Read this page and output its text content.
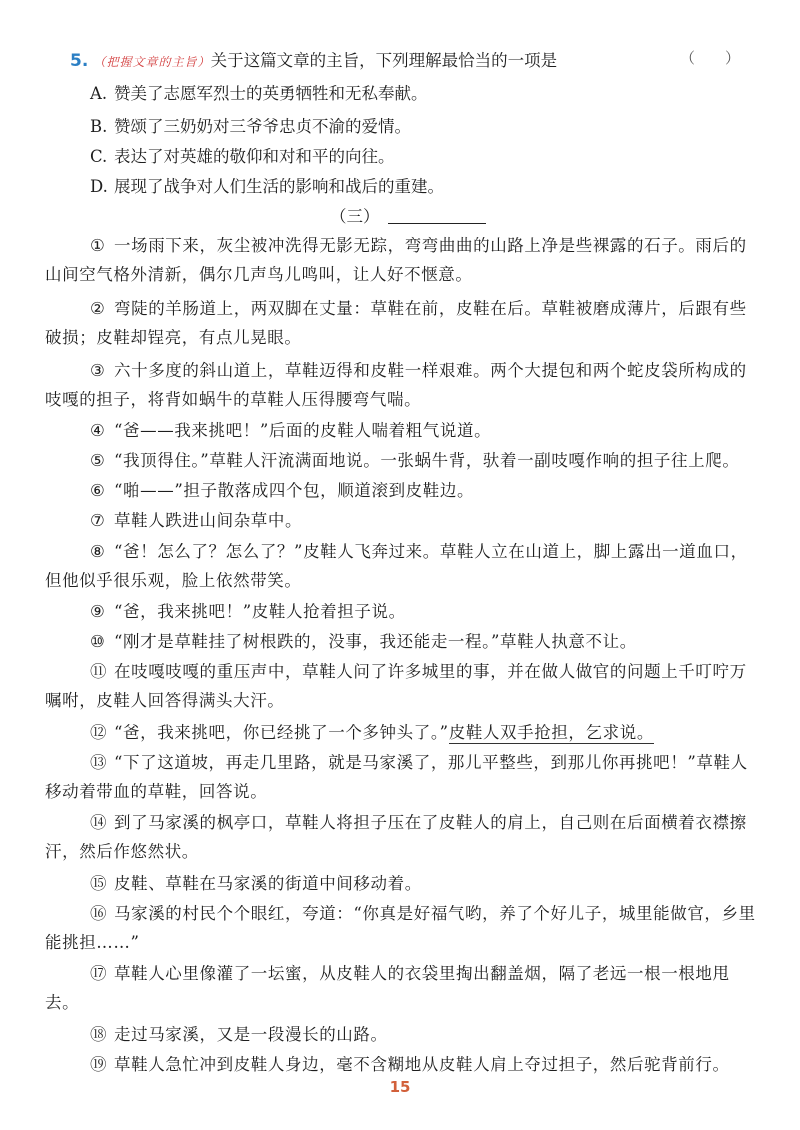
5. （把握文章的主旨）关于这篇文章的主旨，下列理解最恰当的一项是	（　　）
A. 赞美了志愿军烈士的英勇牺牲和无私奉献。
B. 赞颂了三奶奶对三爷爷忠贞不渝的爱情。
C. 表达了对英雄的敬仰和对和平的向往。
D. 展现了战争对人们生活的影响和战后的重建。
（三）
① 一场雨下来，灰尘被冲洗得无影无踪，弯弯曲曲的山路上净是些裸露的石子。雨后的山间空气格外清新，偶尔几声鸟儿鸣叫，让人好不惬意。
② 弯陡的羊肠道上，两双脚在丈量：草鞋在前，皮鞋在后。草鞋被磨成薄片，后跟有些破损；皮鞋却锃亮，有点儿晃眼。
③ 六十多度的斜山道上，草鞋迈得和皮鞋一样艰难。两个大提包和两个蛇皮袋所构成的吱嘎的担子，将背如蜗牛的草鞋人压得腰弯气喘。
④ “爸——我来挑吧！”后面的皮鞋人喘着粗气说道。
⑤ “我顶得住。”草鞋人汗流满面地说。一张蜗牛背，驮着一副吱嘎作响的担子往上爬。
⑥ “啪——”担子散落成四个包，顺道滚到皮鞋边。
⑦ 草鞋人跌进山间杂草中。
⑧ “爸！怎么了？怎么了？”皮鞋人飞奔过来。草鞋人立在山道上，脚上露出一道血口，但他似乎很乐观，脸上依然带笑。
⑨ “爸，我来挑吧！”皮鞋人抢着担子说。
⑩ “刚才是草鞋挂了树根跌的，没事，我还能走一程。”草鞋人执意不让。
⑪ 在吱嘎吱嘎的重压声中，草鞋人问了许多城里的事，并在做人做官的问题上千叮咛万嘱咐，皮鞋人回答得满头大汗。
⑫ “爸，我来挑吧，你已经挑了一个多钟头了。”皮鞋人双手抢担，乞求说。
⑬ “下了这道坡，再走几里路，就是马家溪了，那儿平整些，到那儿你再挑吧！”草鞋人移动着带血的草鞋，回答说。
⑭ 到了马家溪的枫亭口，草鞋人将担子压在了皮鞋人的肩上，自己则在后面横着衣襟擦汗，然后作悠然状。
⑮ 皮鞋、草鞋在马家溪的街道中间移动着。
⑯ 马家溪的村民个个眼红，夸道：“你真是好福气哟，养了个好儿子，城里能做官，乡里能挑担……”
⑰ 草鞋人心里像灌了一坛蜜，从皮鞋人的衣袋里掏出翻盖烟，隔了老远一根一根地甩去。
⑱ 走过马家溪，又是一段漫长的山路。
⑲ 草鞋人急忙冲到皮鞋人身边，毫不含糊地从皮鞋人肩上夺过担子，然后驼背前行。
15
